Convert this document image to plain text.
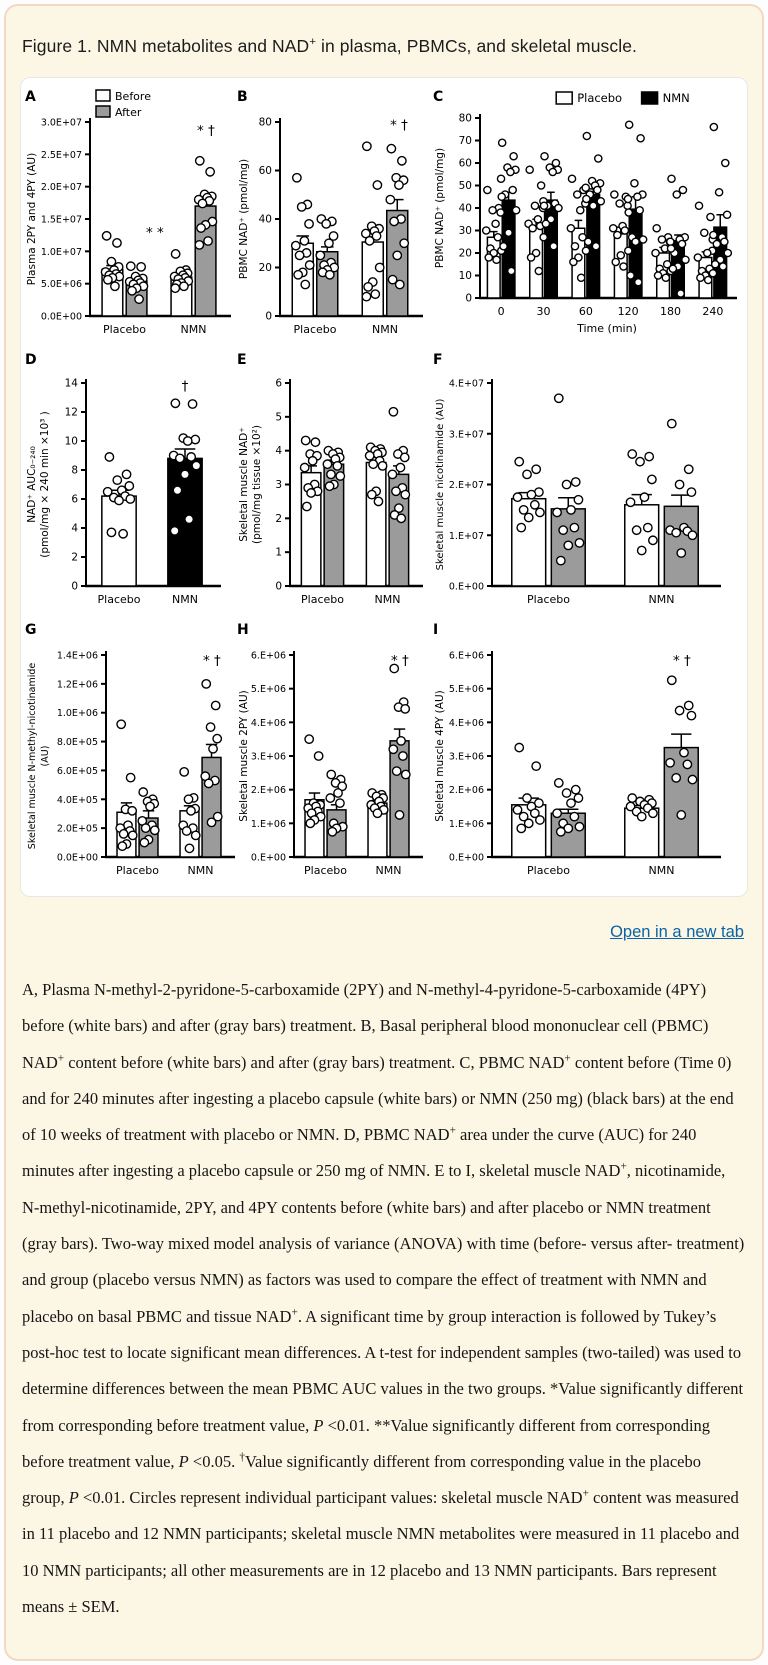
Figure 1. NMN metabolites and NAD+ in plasma, PBMCs, and skeletal muscle.
A
0.0E+00
5.0E+06
1.0E+07
1.5E+07
2.0E+07
2.5E+07
3.0E+07
Plasma 2PY and 4PY (AU)
Placebo	NMN
Before
After
* *
* †
B
0
20
40
60
80
PBMC NAD⁺ (pmol/mg)
Placebo	NMN
* †
C
0
10
20
30
40
50
60
70
80
PBMC NAD⁺ (pmol/mg)
0	30	60 120 180 240
Time (min)
Placebo	NMN
D
0
2
4
6
8
10
12
14
NAD⁺ AUC₀₋₂₄₀ (pmol/mg × 240 min ×10³ )
Placebo	NMN
†
E
0
1
2
3
4
5
6
Skeletal muscle NAD⁺ (pmol/mg tissue ×10²)
Placebo	NMN
F
0.E+00
1.E+07
2.E+07
3.E+07
4.E+07
Skeletal muscle nicotinamide (AU)
Placebo	NMN
G
0.0E+00
2.0E+05
4.0E+05
6.0E+05
8.0E+05
1.0E+06
1.2E+06
1.4E+06
Skeletal muscle N-methyl-nicotinamide (AU)
Placebo	NMN
* †
H
0.E+00
1.E+06
2.E+06
3.E+06
4.E+06
5.E+06
6.E+06
Skeletal muscle 2PY (AU)
Placebo	NMN
* †
I
0.E+00
1.E+06
2.E+06
3.E+06
4.E+06
5.E+06
6.E+06
Skeletal muscle 4PY (AU)
Placebo	NMN
* †
Open in a new tab

A, Plasma N-methyl-2-pyridone-5-carboxamide (2PY) and N-methyl-4-pyridone-5-carboxamide (4PY) before (white bars) and after (gray bars) treatment. B, Basal peripheral blood mononuclear cell (PBMC) NAD+ content before (white bars) and after (gray bars) treatment. C, PBMC NAD+ content before (Time 0) and for 240 minutes after ingesting a placebo capsule (white bars) or NMN (250 mg) (black bars) at the end of 10 weeks of treatment with placebo or NMN. D, PBMC NAD+ area under the curve (AUC) for 240 minutes after ingesting a placebo capsule or 250 mg of NMN. E to I, skeletal muscle NAD+, nicotinamide, N-methyl-nicotinamide, 2PY, and 4PY contents before (white bars) and after placebo or NMN treatment (gray bars). Two-way mixed model analysis of variance (ANOVA) with time (before- versus after- treatment) and group (placebo versus NMN) as factors was used to compare the effect of treatment with NMN and placebo on basal PBMC and tissue NAD+. A significant time by group interaction is followed by Tukey’s post-hoc test to locate significant mean differences. A t-test for independent samples (two-tailed) was used to determine differences between the mean PBMC AUC values in the two groups. *Value significantly different from corresponding before treatment value, P <0.01. **Value significantly different from corresponding before treatment value, P <0.05. †Value significantly different from corresponding value in the placebo group, P <0.01. Circles represent individual participant values: skeletal muscle NAD+ content was measured in 11 placebo and 12 NMN participants; skeletal muscle NMN metabolites were measured in 11 placebo and 10 NMN participants; all other measurements are in 12 placebo and 13 NMN participants. Bars represent means ± SEM.
